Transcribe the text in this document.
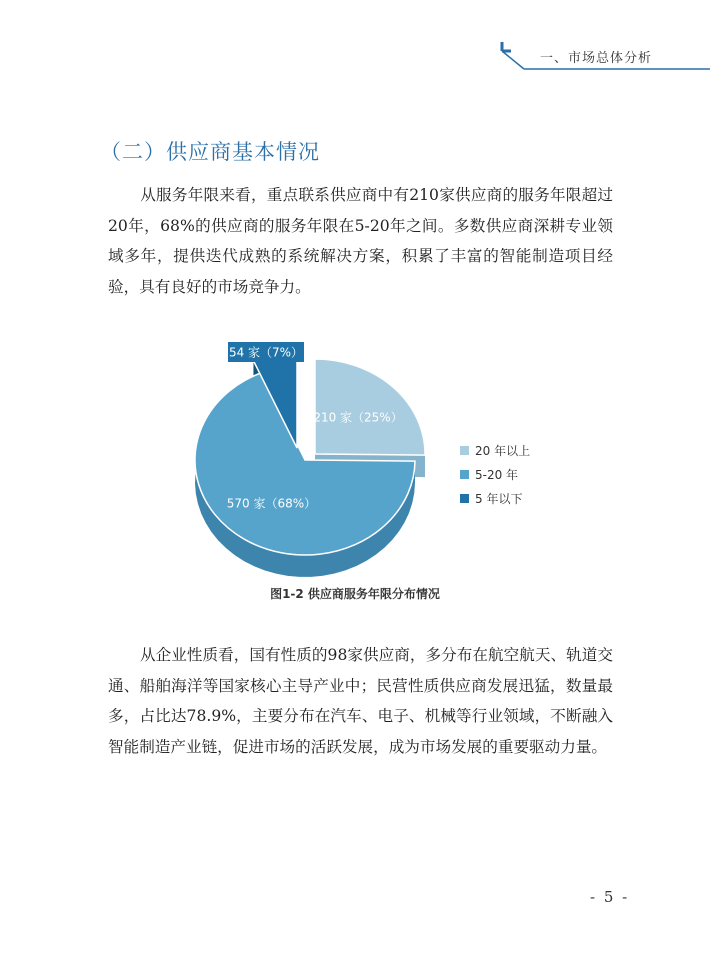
一、市场总体分析
（二）供应商基本情况

从服务年限来看，重点联系供应商中有210家供应商的服务年限超过20年，68%的供应商的服务年限在5-20年之间。多数供应商深耕专业领域多年，提供迭代成熟的系统解决方案，积累了丰富的智能制造项目经验，具有良好的市场竞争力。

210 家（25%）
570 家（68%）
54 家（7%）
20 年以上
5-20 年
5 年以下
图1-2 供应商服务年限分布情况

从企业性质看，国有性质的98家供应商，多分布在航空航天、轨道交通、船舶海洋等国家核心主导产业中；民营性质供应商发展迅猛，数量最多，占比达78.9%，主要分布在汽车、电子、机械等行业领域，不断融入智能制造产业链，促进市场的活跃发展，成为市场发展的重要驱动力量。

- 5 -
